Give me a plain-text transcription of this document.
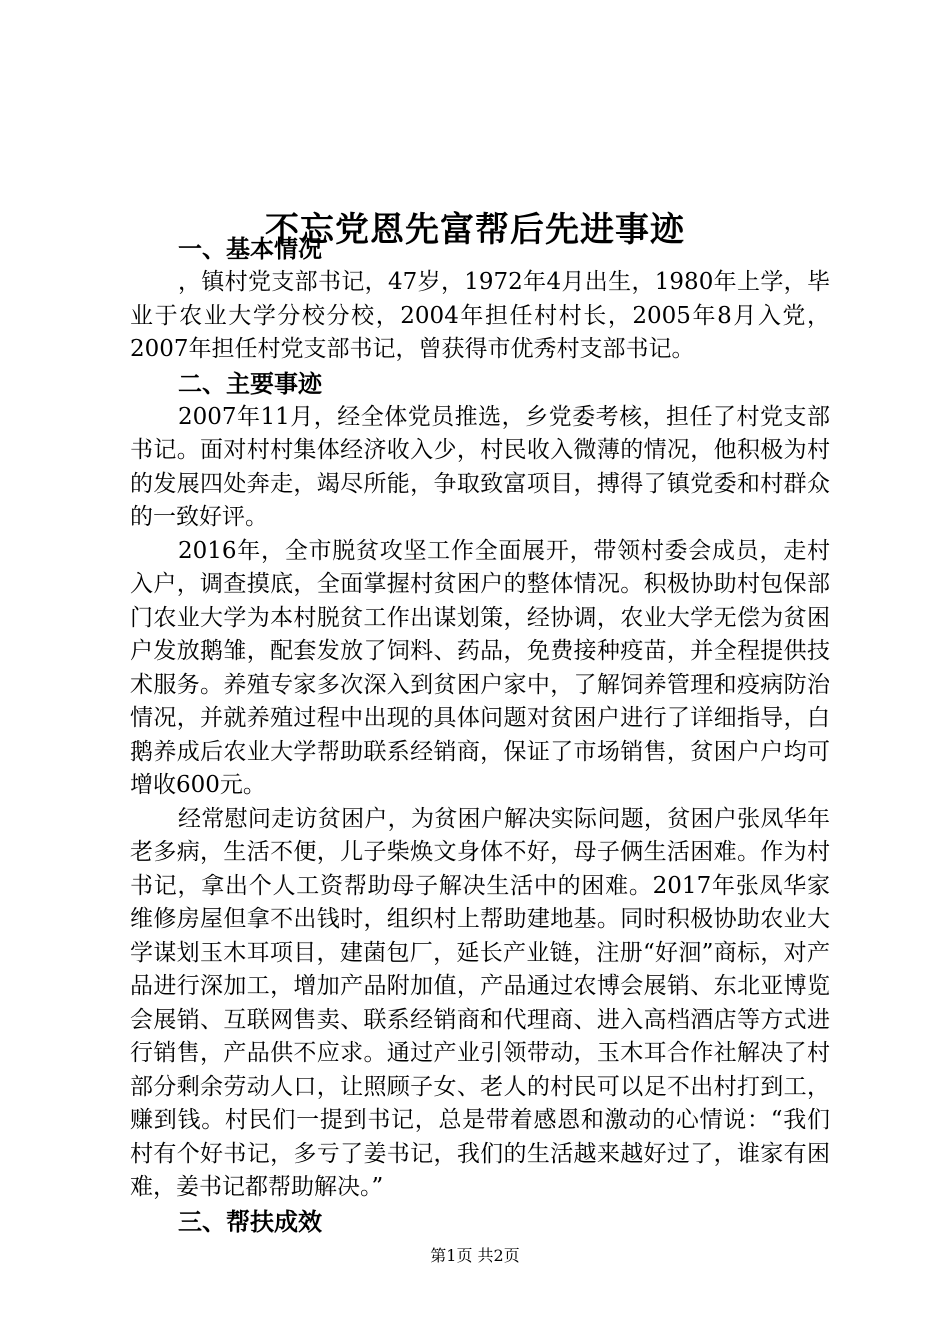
不忘党恩先富帮后先进事迹
一、基本情况

，镇村党支部书记，47岁，1972年4月出生，1980年上学，毕业于农业大学分校分校，2004年担任村村长，2005年8月入党，2007年担任村党支部书记，曾获得市优秀村支部书记。

二、主要事迹

2007年11月，经全体党员推选，乡党委考核，担任了村党支部书记。面对村村集体经济收入少，村民收入微薄的情况，他积极为村的发展四处奔走，竭尽所能，争取致富项目，搏得了镇党委和村群众的一致好评。

2016年，全市脱贫攻坚工作全面展开，带领村委会成员，走村入户，调查摸底，全面掌握村贫困户的整体情况。积极协助村包保部门农业大学为本村脱贫工作出谋划策，经协调，农业大学无偿为贫困户发放鹅雏，配套发放了饲料、药品，免费接种疫苗，并全程提供技术服务。养殖专家多次深入到贫困户家中，了解饲养管理和疫病防治情况，并就养殖过程中出现的具体问题对贫困户进行了详细指导，白鹅养成后农业大学帮助联系经销商，保证了市场销售，贫困户户均可增收600元。

经常慰问走访贫困户，为贫困户解决实际问题，贫困户张凤华年老多病，生活不便，儿子柴焕文身体不好，母子俩生活困难。作为村书记，拿出个人工资帮助母子解决生活中的困难。2017年张凤华家维修房屋但拿不出钱时，组织村上帮助建地基。同时积极协助农业大学谋划玉木耳项目，建菌包厂，延长产业链，注册“好洄”商标，对产品进行深加工，增加产品附加值，产品通过农博会展销、东北亚博览会展销、互联网售卖、联系经销商和代理商、进入高档酒店等方式进行销售，产品供不应求。通过产业引领带动，玉木耳合作社解决了村部分剩余劳动人口，让照顾子女、老人的村民可以足不出村打到工，赚到钱。村民们一提到书记，总是带着感恩和激动的心情说：“我们村有个好书记，多亏了姜书记，我们的生活越来越好过了，谁家有困难，姜书记都帮助解决。”

三、帮扶成效
第1页 共2页
